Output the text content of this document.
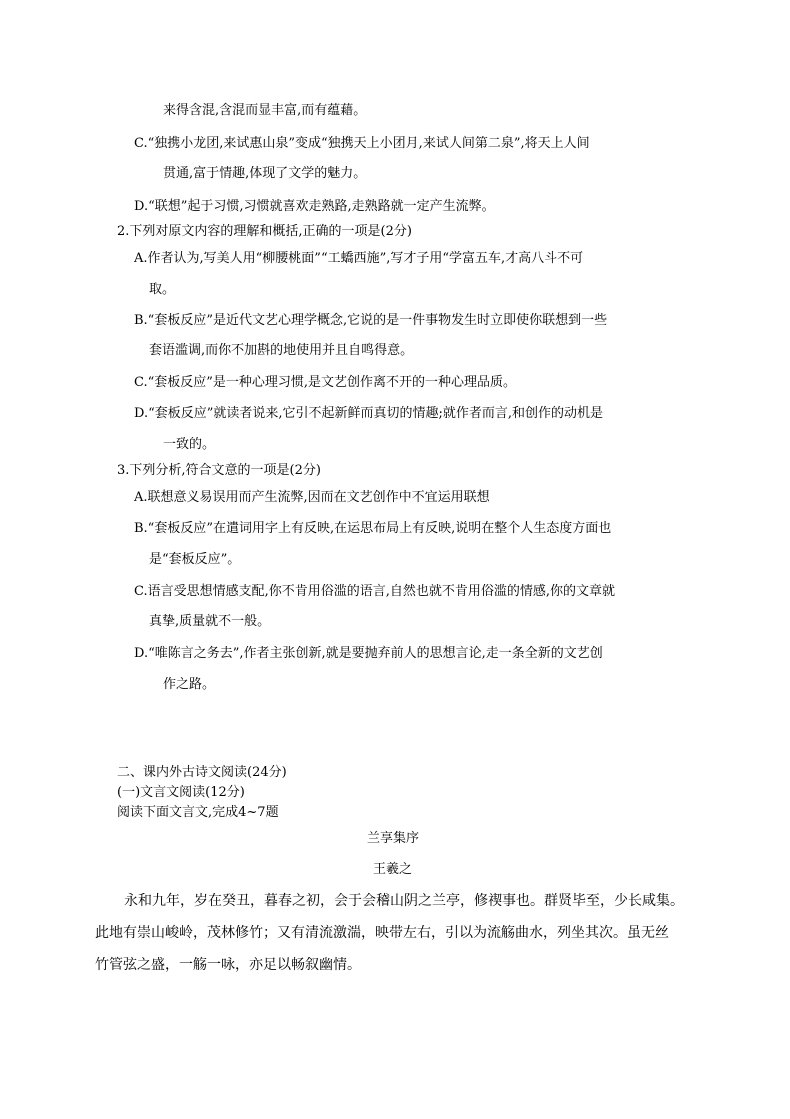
来得含混,含混而显丰富,而有蕴藉。
C.“独携小龙团,来试惠山泉”变成“独携天上小团月,来试人间第二泉”,将天上人间
贯通,富于情趣,体现了文学的魅力。
D.“联想”起于习惯,习惯就喜欢走熟路,走熟路就一定产生流弊。
2.下列对原文内容的理解和概括,正确的一项是(2分)
A.作者认为,写美人用“柳腰桃面”“工蟜西施”,写才子用“学富五车,才高八斗不可
取。
B.“套板反应”是近代文艺心理学概念,它说的是一件事物发生时立即使你联想到一些
套语滥调,而你不加斟的地使用并且自鸣得意。
C.“套板反应”是一种心理习惯,是文艺创作离不开的一种心理品质。
D.“套板反应”就读者说来,它引不起新鲜而真切的情趣;就作者而言,和创作的动机是
一致的。
3.下列分析,符合文意的一项是(2分)
A.联想意义易误用而产生流弊,因而在文艺创作中不宜运用联想
B.“套板反应”在遣词用字上有反映,在运思布局上有反映,说明在整个人生态度方面也
是“套板反应”。
C.语言受思想情感支配,你不肯用俗滥的语言,自然也就不肯用俗滥的情感,你的文章就
真挚,质量就不一般。
D.“唯陈言之务去”,作者主张创新,就是要抛弃前人的思想言论,走一条全新的文艺创
作之路。
二、课内外古诗文阅读(24分)
(一)文言文阅读(12分)
阅读下面文言文,完成4~7题
兰享集序
王羲之
永和九年，岁在癸丑，暮春之初，会于会稽山阴之兰亭，修禊事也。群贤毕至，少长咸集。
此地有崇山峻岭，茂林修竹；又有清流激湍，映带左右，引以为流觞曲水，列坐其次。虽无丝
竹管弦之盛，一觞一咏，亦足以畅叙幽情。
